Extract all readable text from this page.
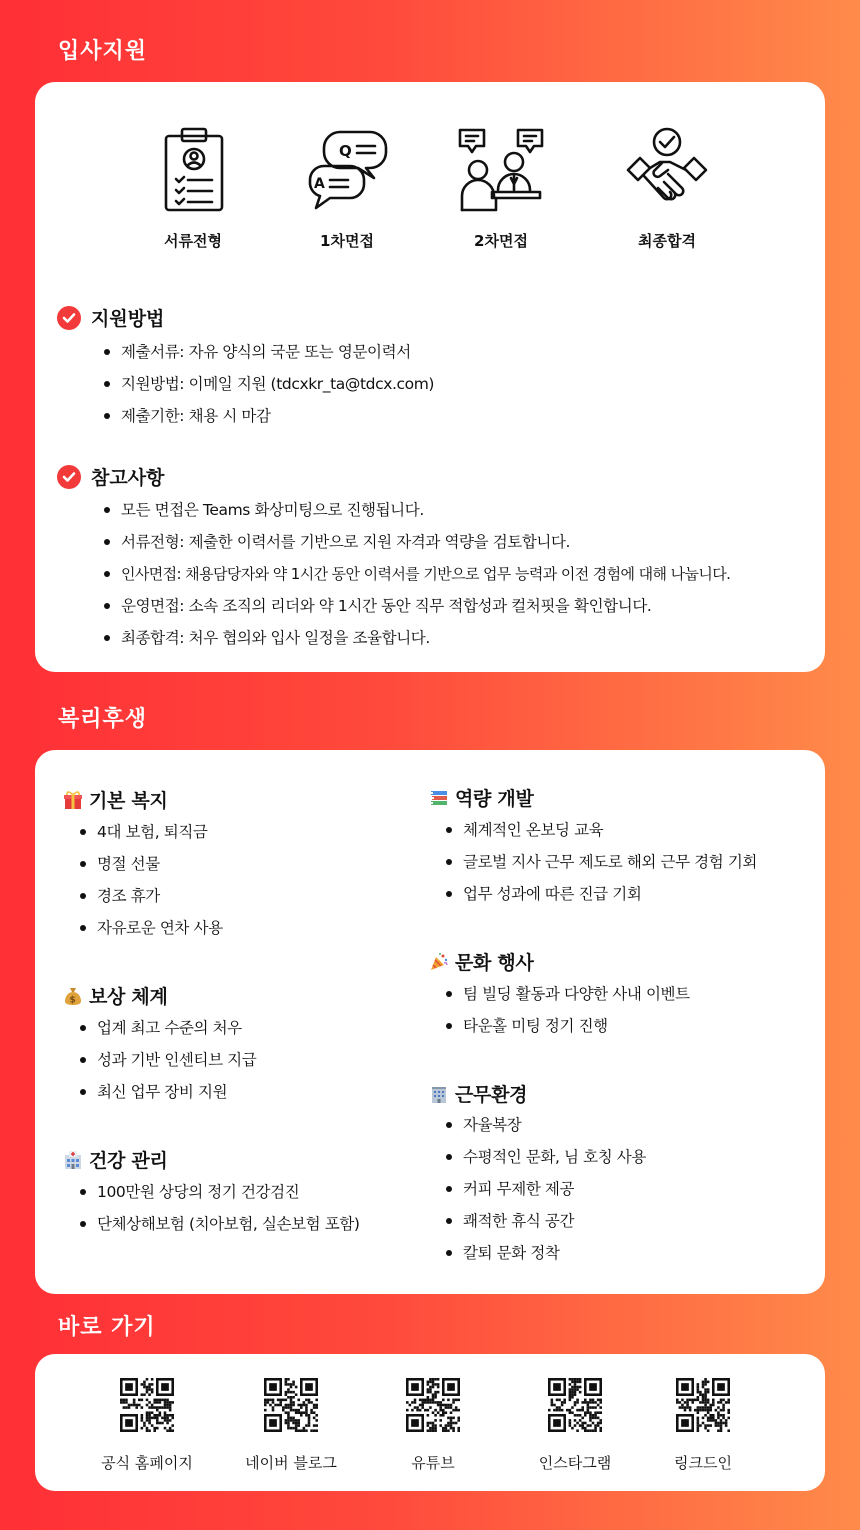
입사지원
서류전형
Q
A
1차면접	2차면접	최종합격
지원방법
제출서류: 자유 양식의 국문 또는 영문이력서
지원방법: 이메일 지원 (tdcxkr_ta@tdcx.com)
제출기한: 채용 시 마감
참고사항
모든 면접은 Teams 화상미팅으로 진행됩니다.
서류전형: 제출한 이력서를 기반으로 지원 자격과 역량을 검토합니다.
인사면접: 채용담당자와 약 1시간 동안 이력서를 기반으로 업무 능력과 이전 경험에 대해 나눕니다.
운영면접: 소속 조직의 리더와 약 1시간 동안 직무 적합성과 컬처핏을 확인합니다.
최종합격: 처우 협의와 입사 일정을 조율합니다.
복리후생
기본 복지
4대 보험, 퇴직금
명절 선물
경조 휴가
자유로운 연차 사용
$ 보상 체계
업계 최고 수준의 처우
성과 기반 인센티브 지급
최신 업무 장비 지원
건강 관리
100만원 상당의 정기 건강검진
단체상해보험 (치아보험, 실손보험 포함)
역량 개발
체계적인 온보딩 교육
글로벌 지사 근무 제도로 해외 근무 경험 기회
업무 성과에 따른 진급 기회
문화 행사
팀 빌딩 활동과 다양한 사내 이벤트
타운홀 미팅 정기 진행
근무환경
자율복장
수평적인 문화, 님 호칭 사용
커피 무제한 제공
쾌적한 휴식 공간
칼퇴 문화 정착
바로 가기
공식 홈페이지	네이버 블로그	유튜브	인스타그램	링크드인
